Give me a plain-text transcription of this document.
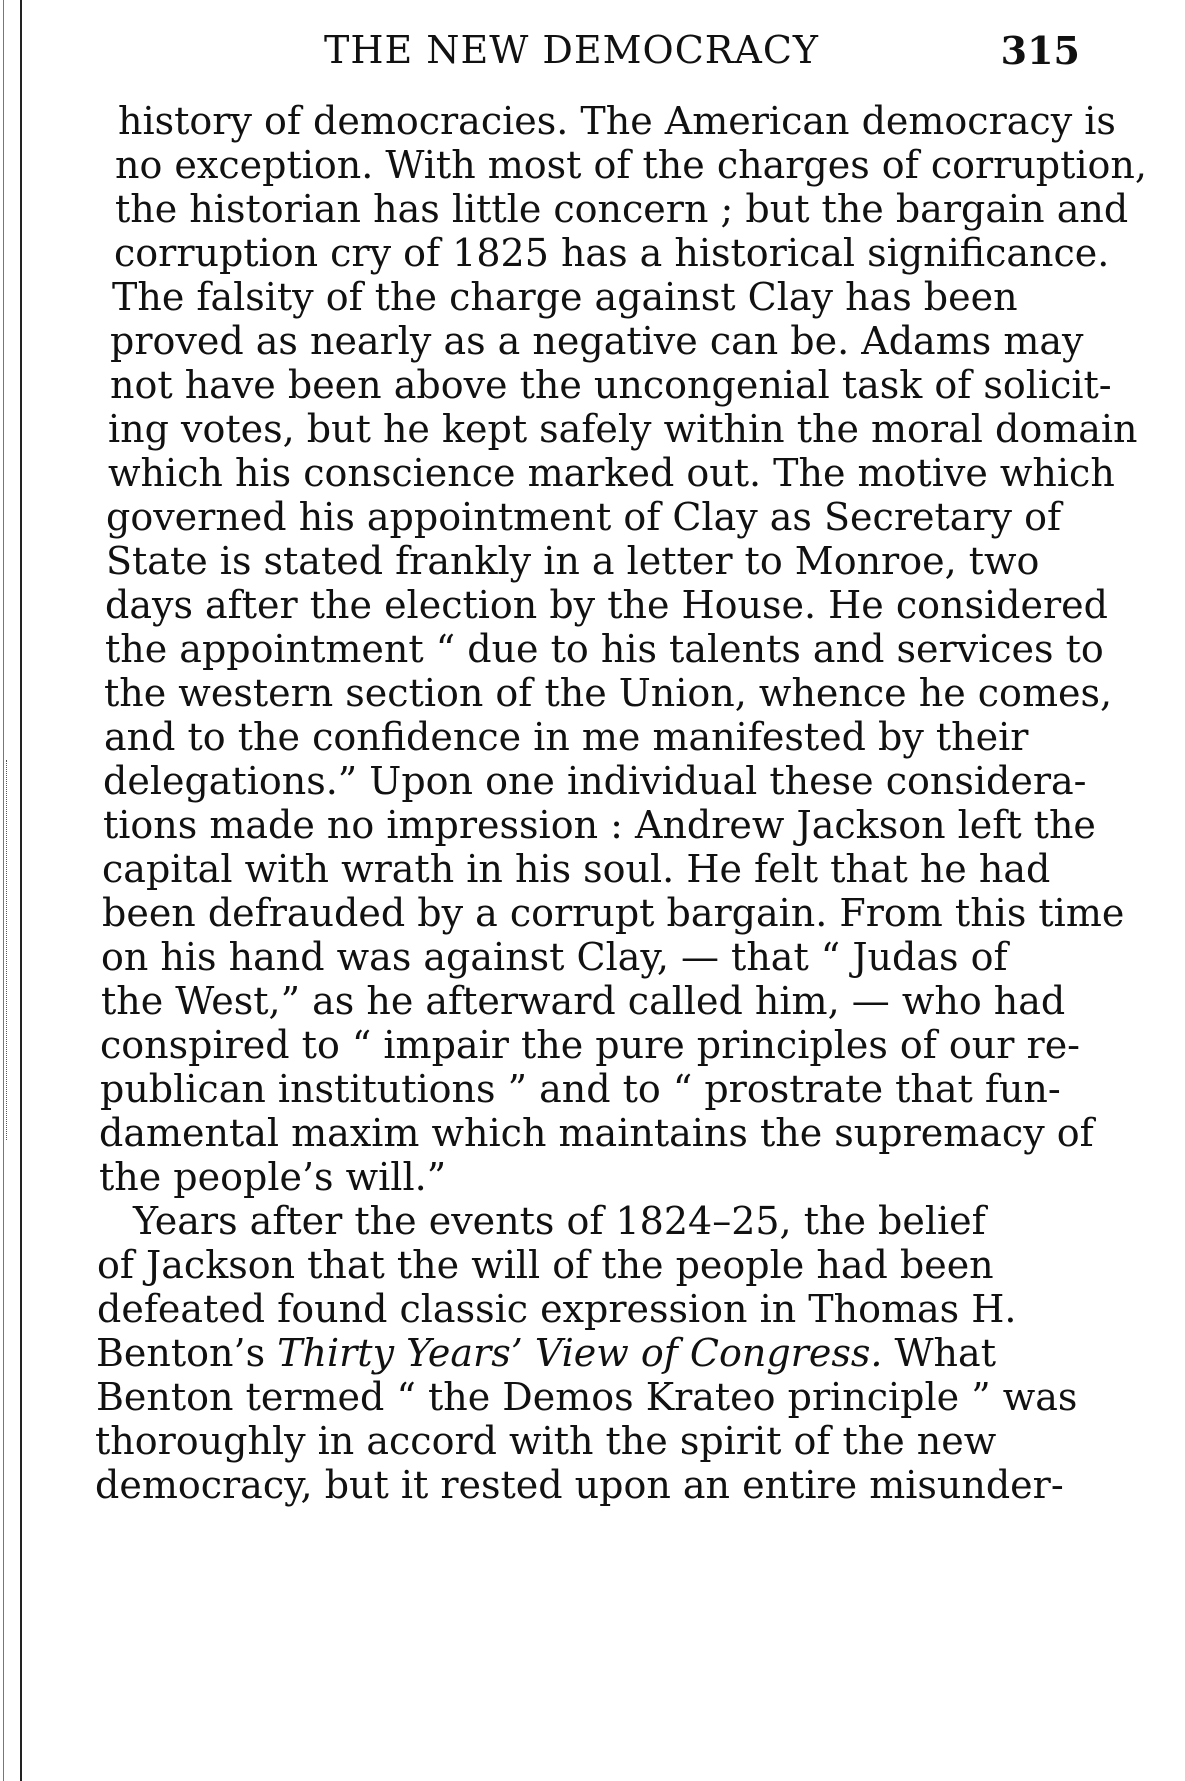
THE NEW DEMOCRACY	315
history of democracies. The American democracy is
no exception. With most of the charges of corruption,
the historian has little concern ; but the bargain and
corruption cry of 1825 has a historical significance.
The falsity of the charge against Clay has been
proved as nearly as a negative can be. Adams may
not have been above the uncongenial task of solicit-
ing votes, but he kept safely within the moral domain
which his conscience marked out. The motive which
governed his appointment of Clay as Secretary of
State is stated frankly in a letter to Monroe, two
days after the election by the House. He considered
the appointment “ due to his talents and services to
the western section of the Union, whence he comes,
and to the confidence in me manifested by their
delegations.” Upon one individual these considera-
tions made no impression : Andrew Jackson left the
capital with wrath in his soul. He felt that he had
been defrauded by a corrupt bargain. From this time
on his hand was against Clay, — that “ Judas of
the West,” as he afterward called him, — who had
conspired to “ impair the pure principles of our re-
publican institutions ” and to “ prostrate that fun-
damental maxim which maintains the supremacy of
the people’s will.”
Years after the events of 1824–25, the belief
of Jackson that the will of the people had been
defeated found classic expression in Thomas H.
Benton’s Thirty Years’ View of Congress. What
Benton termed “ the Demos Krateo principle ” was
thoroughly in accord with the spirit of the new
democracy, but it rested upon an entire misunder-
